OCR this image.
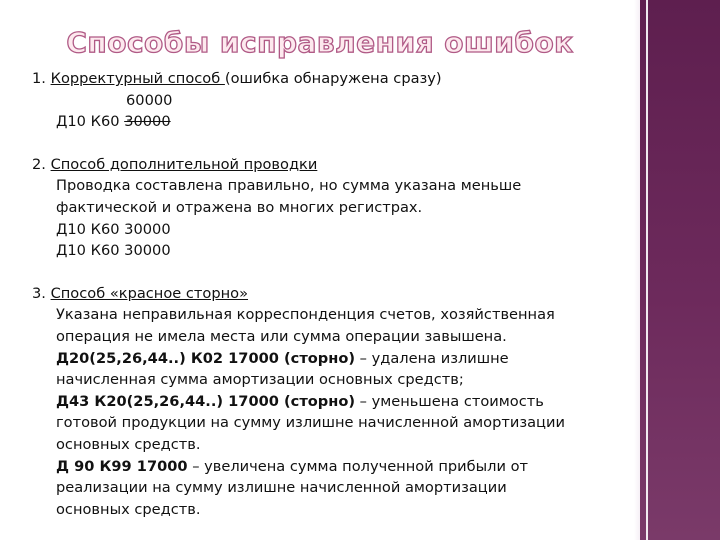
Способы исправления ошибок
1. Корректурный способ (ошибка обнаружена сразу)
60000
Д10 К60 30000
2. Способ дополнительной проводки
Проводка составлена правильно, но сумма указана меньше
фактической и отражена во многих регистрах.
Д10 К60 30000
Д10 К60 30000
3. Способ «красное сторно»
Указана неправильная корреспонденция счетов, хозяйственная
операция не имела места или сумма операции завышена.
Д20(25,26,44..) К02 17000 (сторно) – удалена излишне
начисленная сумма амортизации основных средств;
Д43 К20(25,26,44..) 17000 (сторно) – уменьшена стоимость
готовой продукции на сумму излишне начисленной амортизации
основных средств.
Д 90 К99 17000 – увеличена сумма полученной прибыли от
реализации на сумму излишне начисленной амортизации
основных средств.
